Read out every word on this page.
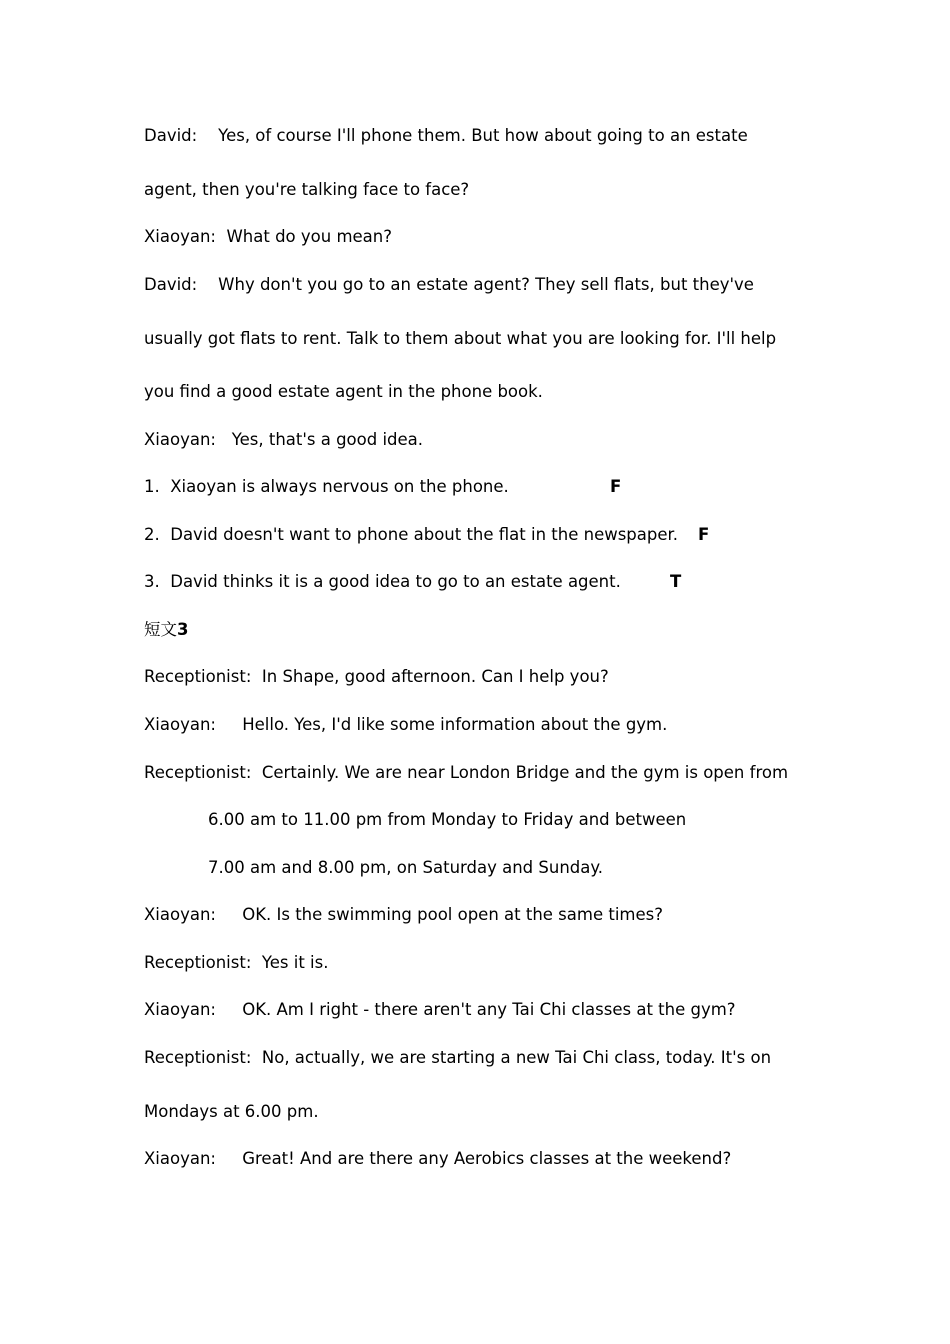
David:    Yes, of course I'll phone them. But how about going to an estate
agent, then you're talking face to face?
Xiaoyan:  What do you mean?
David:    Why don't you go to an estate agent? They sell flats, but they've
usually got flats to rent. Talk to them about what you are looking for. I'll help
you find a good estate agent in the phone book.
Xiaoyan:   Yes, that's a good idea.
1.  Xiaoyan is always nervous on the phone.	F
2.  David doesn't want to phone about the flat in the newspaper. F
3.  David thinks it is a good idea to go to an estate agent.	T
短文3
Receptionist:  In Shape, good afternoon. Can I help you?
Xiaoyan:     Hello. Yes, I'd like some information about the gym.
Receptionist:  Certainly. We are near London Bridge and the gym is open from
6.00 am to 11.00 pm from Monday to Friday and between
7.00 am and 8.00 pm, on Saturday and Sunday.
Xiaoyan:     OK. Is the swimming pool open at the same times?
Receptionist:  Yes it is.
Xiaoyan:     OK. Am I right - there aren't any Tai Chi classes at the gym?
Receptionist:  No, actually, we are starting a new Tai Chi class, today. It's on
Mondays at 6.00 pm.
Xiaoyan:     Great! And are there any Aerobics classes at the weekend?
